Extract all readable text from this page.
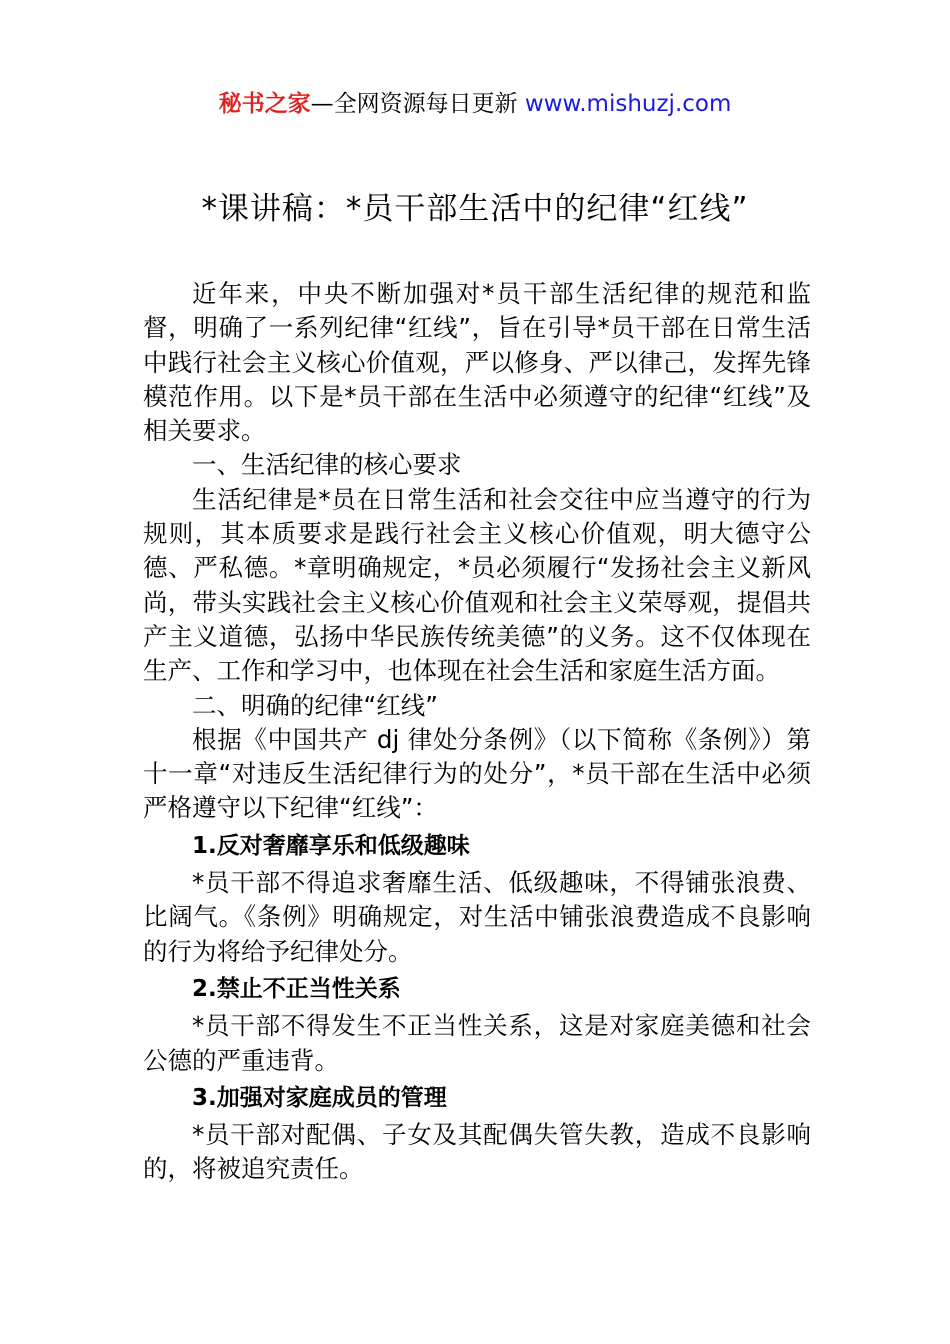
秘书之家—全网资源每日更新 www.mishuzj.com
*课讲稿：*员干部生活中的纪律“红线”

近年来，中央不断加强对*员干部生活纪律的规范和监督，明确了一系列纪律“红线”，旨在引导*员干部在日常生活中践行社会主义核心价值观，严以修身、严以律己，发挥先锋模范作用。以下是*员干部在生活中必须遵守的纪律“红线”及相关要求。

一、生活纪律的核心要求

生活纪律是*员在日常生活和社会交往中应当遵守的行为规则，其本质要求是践行社会主义核心价值观，明大德守公德、严私德。*章明确规定，*员必须履行“发扬社会主义新风尚，带头实践社会主义核心价值观和社会主义荣辱观，提倡共产主义道德，弘扬中华民族传统美德”的义务。这不仅体现在生产、工作和学习中，也体现在社会生活和家庭生活方面。

二、明确的纪律“红线”

根据《中国共产 dj 律处分条例》（以下简称《条例》）第十一章“对违反生活纪律行为的处分”，*员干部在生活中必须严格遵守以下纪律“红线”：

1.反对奢靡享乐和低级趣味

*员干部不得追求奢靡生活、低级趣味，不得铺张浪费、比阔气。《条例》明确规定，对生活中铺张浪费造成不良影响的行为将给予纪律处分。

2.禁止不正当性关系

*员干部不得发生不正当性关系，这是对家庭美德和社会公德的严重违背。

3.加强对家庭成员的管理

*员干部对配偶、子女及其配偶失管失教，造成不良影响的，将被追究责任。
